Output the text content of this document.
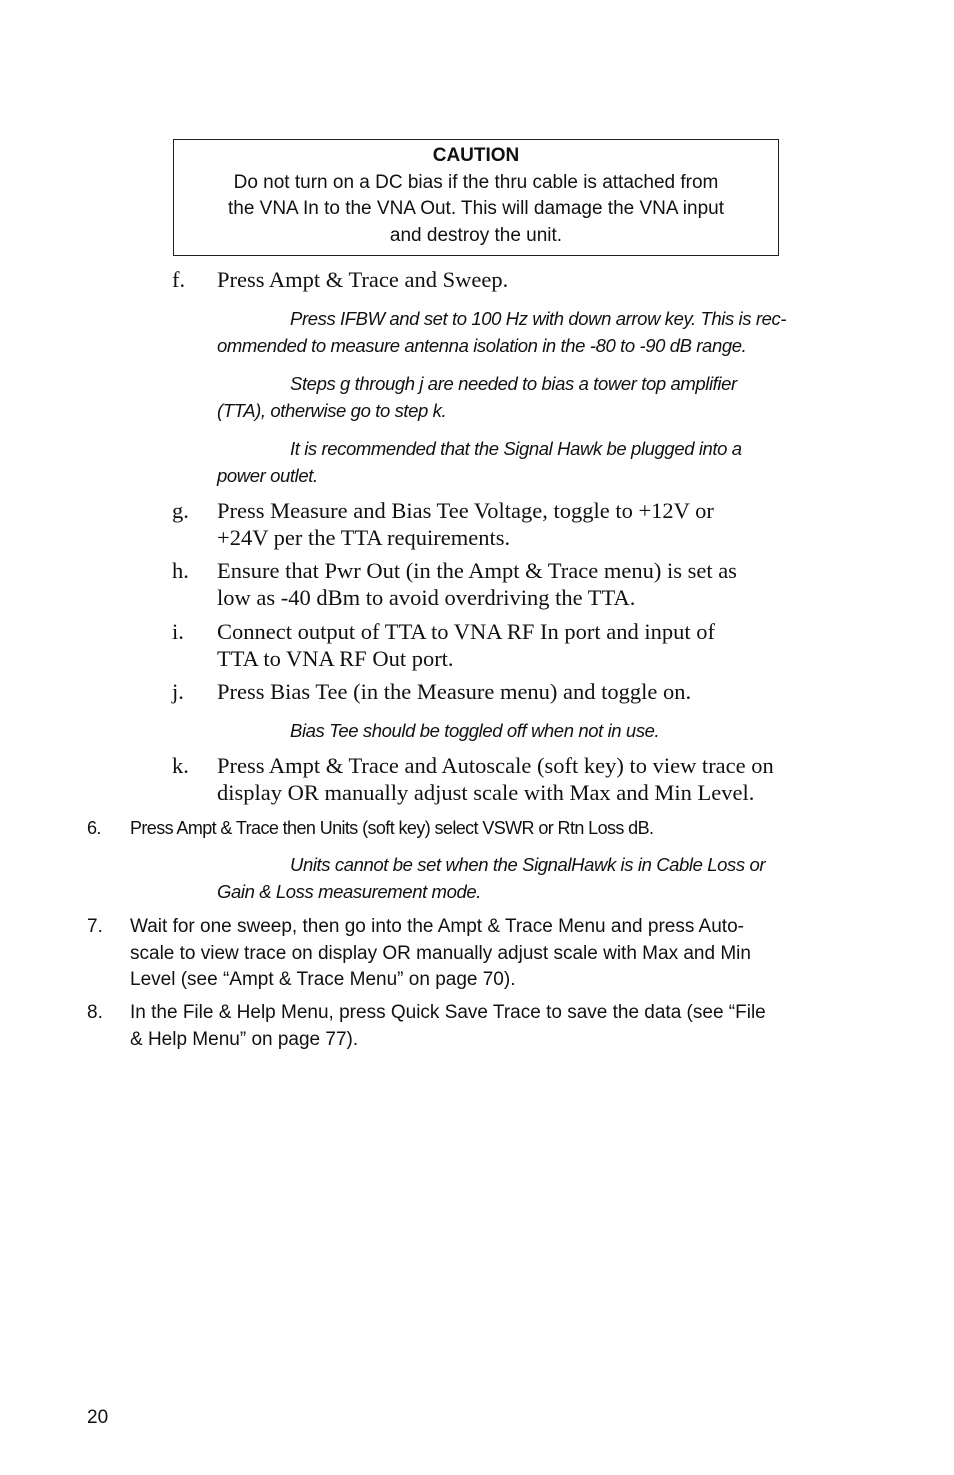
CAUTION
Do not turn on a DC bias if the thru cable is attached from
the VNA In to the VNA Out. This will damage the VNA input
and destroy the unit.
f. Press Ampt & Trace and Sweep.
Press IFBW and set to 100 Hz with down arrow key. This is rec-
ommended to measure antenna isolation in the -80 to -90 dB range.
Steps g through j are needed to bias a tower top amplifier
(TTA), otherwise go to step k.
It is recommended that the Signal Hawk be plugged into a
power outlet.
g. Press Measure and Bias Tee Voltage, toggle to +12V or
+24V per the TTA requirements.
h. Ensure that Pwr Out (in the Ampt & Trace menu) is set as
low as -40 dBm to avoid overdriving the TTA.
i. Connect output of TTA to VNA RF In port and input of
TTA to VNA RF Out port.
j. Press Bias Tee (in the Measure menu) and toggle on.
Bias Tee should be toggled off when not in use.
k. Press Ampt & Trace and Autoscale (soft key) to view trace on
display OR manually adjust scale with Max and Min Level.
6. Press Ampt & Trace then Units (soft key) select VSWR or Rtn Loss dB.
Units cannot be set when the SignalHawk is in Cable Loss or
Gain & Loss measurement mode.
7. Wait for one sweep, then go into the Ampt & Trace Menu and press Auto-
scale to view trace on display OR manually adjust scale with Max and Min
Level (see “Ampt & Trace Menu” on page 70).
8. In the File & Help Menu, press Quick Save Trace to save the data (see “File
& Help Menu” on page 77).
20
